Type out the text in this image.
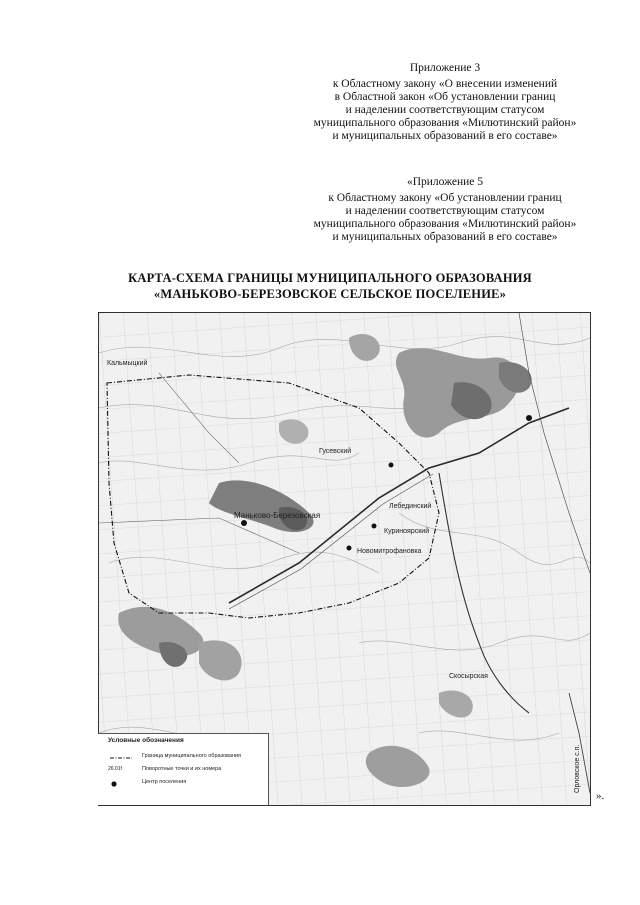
Приложение 3
к Областному закону «О внесении изменений
в Областной закон «Об установлении границ
и наделении соответствующим статусом
муниципального образования «Милютинский район»
и муниципальных образований в его составе»
«Приложение 5
к Областному закону «Об установлении границ
и наделении соответствующим статусом
муниципального образования «Милютинский район»
и муниципальных образований в его составе»
КАРТА-СХЕМА ГРАНИЦЫ МУНИЦИПАЛЬНОГО ОБРАЗОВАНИЯ
«МАНЬКОВО-БЕРЕЗОВСКОЕ СЕЛЬСКОЕ ПОСЕЛЕНИЕ»
Кальмыцкий
Маньково-Березовская
Гусевский
Лебединский
Куриноярский
Новомитрофановка
Скосырская
Орловское с.п.
Условные обозначения
Граница муниципального образования
26.01f	Поворотные точки и их номера
Центр поселения
».
